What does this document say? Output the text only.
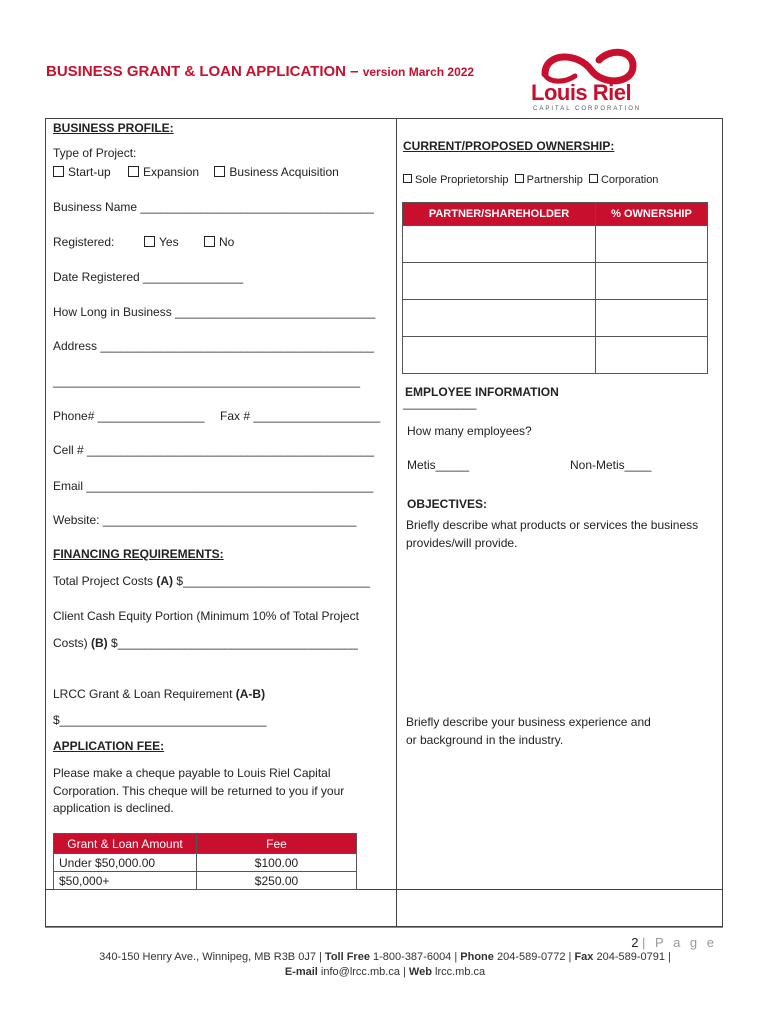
BUSINESS GRANT & LOAN APPLICATION – version March 2022
Louis Riel
CAPITAL CORPORATION
BUSINESS PROFILE:
Type of Project:
Start-up	Expansion	Business Acquisition
Business Name ___________________________________
Registered:	Yes	No
Date Registered _______________
How Long in Business ______________________________
Address _________________________________________
______________________________________________
Phone# ________________ Fax # ___________________
Cell # ___________________________________________
Email ___________________________________________
Website: ______________________________________
FINANCING REQUIREMENTS:
Total Project Costs (A) $____________________________
Client Cash Equity Portion (Minimum 10% of Total Project
Costs) (B) $____________________________________
LRCC Grant & Loan Requirement (A-B)
$_______________________________
APPLICATION FEE:
Please make a cheque payable to Louis Riel Capital
Corporation. This cheque will be returned to you if your
application is declined.
Grant & Loan Amount	Fee
Under $50,000.00	$100.00
$50,000+	$250.00
CURRENT/PROPOSED OWNERSHIP:
Sole Proprietorship Partnership Corporation
PARTNER/SHAREHOLDER	% OWNERSHIP

EMPLOYEE INFORMATION
___________
How many employees?
Metis_____	Non-Metis____
OBJECTIVES:
Briefly describe what products or services the business
provides/will provide.
Briefly describe your business experience and
or background in the industry.
2 | P a g e
340-150 Henry Ave., Winnipeg, MB R3B 0J7 | Toll Free 1-800-387-6004 | Phone 204-589-0772 | Fax 204-589-0791 |
E-mail info@lrcc.mb.ca | Web lrcc.mb.ca
